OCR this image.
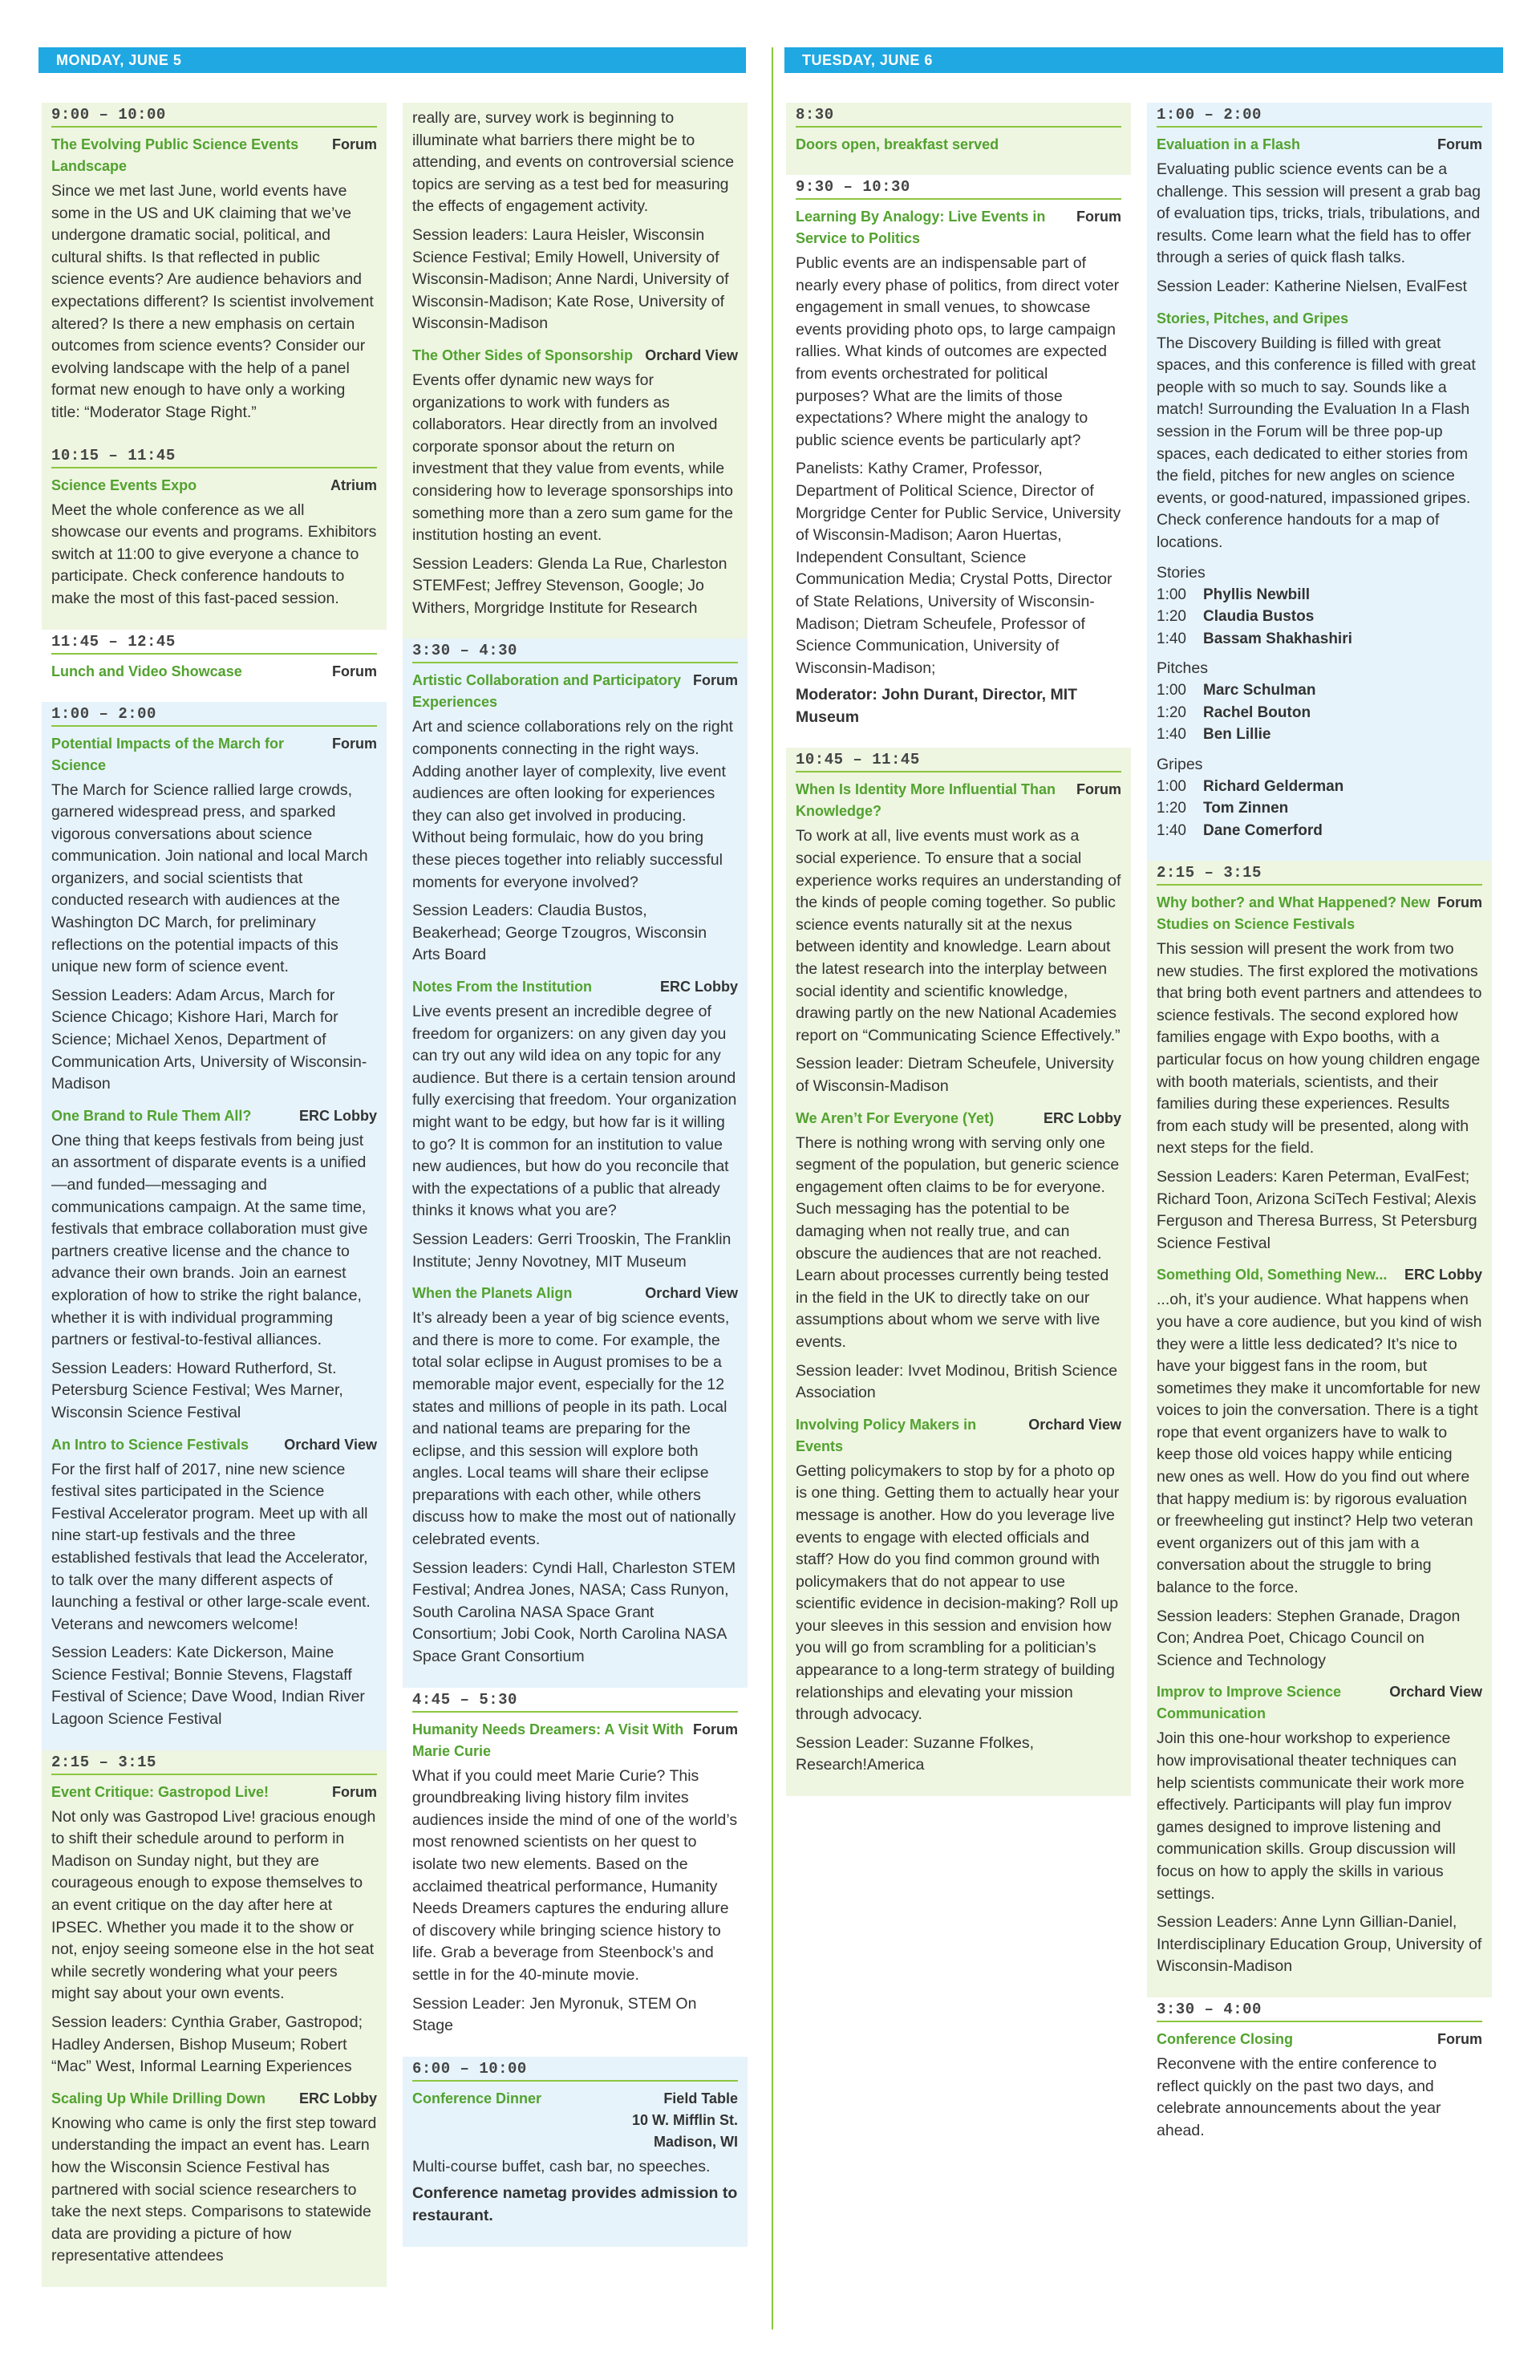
MONDAY, JUNE 5	TUESDAY, JUNE 6
9:00 – 10:00
The Evolving Public Science Events Landscape
Forum
Since we met last June, world events have some in the US and UK claiming that we’ve undergone dramatic social, political, and cultural shifts. Is that reflected in public science events? Are audience behaviors and expectations different? Is scientist involvement altered? Is there a new emphasis on certain outcomes from science events? Consider our evolving landscape with the help of a panel format new enough to have only a working title: “Moderator Stage Right.”
10:15 – 11:45
Science Events Expo	Atrium
Meet the whole conference as we all showcase our events and programs. Exhibitors switch at 11:00 to give everyone a chance to participate. Check conference handouts to make the most of this fast-paced session.
11:45 – 12:45
Lunch and Video Showcase	Forum
1:00 – 2:00
Potential Impacts of the March for Science
Forum
The March for Science rallied large crowds, garnered widespread press, and sparked vigorous conversations about science communication. Join national and local March organizers, and social scientists that conducted research with audiences at the Washington DC March, for preliminary reflections on the potential impacts of this unique new form of science event.
Session Leaders: Adam Arcus, March for Science Chicago; Kishore Hari, March for Science; Michael Xenos, Department of Communication Arts, University of Wisconsin-Madison
One Brand to Rule Them All?	ERC Lobby
One thing that keeps festivals from being just an assortment of disparate events is a unified—and funded—messaging and communications campaign. At the same time, festivals that embrace collaboration must give partners creative license and the chance to advance their own brands. Join an earnest exploration of how to strike the right balance, whether it is with individual programming partners or festival-to-festival alliances.
Session Leaders: Howard Rutherford, St. Petersburg Science Festival; Wes Marner, Wisconsin Science Festival
An Intro to Science Festivals Orchard View
For the first half of 2017, nine new science festival sites participated in the Science Festival Accelerator program. Meet up with all nine start-up festivals and the three established festivals that lead the Accelerator, to talk over the many different aspects of launching a festival or other large-scale event. Veterans and newcomers welcome!
Session Leaders: Kate Dickerson, Maine Science Festival; Bonnie Stevens, Flagstaff Festival of Science; Dave Wood, Indian River Lagoon Science Festival
2:15 – 3:15
Event Critique: Gastropod Live!	Forum
Not only was Gastropod Live! gracious enough to shift their schedule around to perform in Madison on Sunday night, but they are courageous enough to expose themselves to an event critique on the day after here at IPSEC. Whether you made it to the show or not, enjoy seeing someone else in the hot seat while secretly wondering what your peers might say about your own events.
Session leaders: Cynthia Graber, Gastropod; Hadley Andersen, Bishop Museum; Robert “Mac” West, Informal Learning Experiences
Scaling Up While Drilling Down ERC Lobby
Knowing who came is only the first step toward understanding the impact an event has. Learn how the Wisconsin Science Festival has partnered with social science researchers to take the next steps. Comparisons to statewide data are providing a picture of how representative attendees
really are, survey work is beginning to illuminate what barriers there might be to attending, and events on controversial science topics are serving as a test bed for measuring the effects of engagement activity.
Session leaders: Laura Heisler, Wisconsin Science Festival; Emily Howell, University of Wisconsin-Madison; Anne Nardi, University of Wisconsin-Madison; Kate Rose, University of Wisconsin-Madison
The Other Sides of Sponsorship Orchard View
Events offer dynamic new ways for organizations to work with funders as collaborators. Hear directly from an involved corporate sponsor about the return on investment that they value from events, while considering how to leverage sponsorships into something more than a zero sum game for the institution hosting an event.
Session Leaders: Glenda La Rue, Charleston STEMFest; Jeffrey Stevenson, Google; Jo Withers, Morgridge Institute for Research
3:30 – 4:30
Artistic Collaboration and Participatory Experiences
Forum
Art and science collaborations rely on the right components connecting in the right ways. Adding another layer of complexity, live event audiences are often looking for experiences they can also get involved in producing. Without being formulaic, how do you bring these pieces together into reliably successful moments for everyone involved?
Session Leaders: Claudia Bustos, Beakerhead; George Tzougros, Wisconsin Arts Board
Notes From the Institution	ERC Lobby
Live events present an incredible degree of freedom for organizers: on any given day you can try out any wild idea on any topic for any audience. But there is a certain tension around fully exercising that freedom. Your organization might want to be edgy, but how far is it willing to go? It is common for an institution to value new audiences, but how do you reconcile that with the expectations of a public that already thinks it knows what you are?
Session Leaders: Gerri Trooskin, The Franklin Institute; Jenny Novotney, MIT Museum
When the Planets Align	Orchard View
It’s already been a year of big science events, and there is more to come. For example, the total solar eclipse in August promises to be a memorable major event, especially for the 12 states and millions of people in its path. Local and national teams are preparing for the eclipse, and this session will explore both angles. Local teams will share their eclipse preparations with each other, while others discuss how to make the most out of nationally celebrated events.
Session leaders: Cyndi Hall, Charleston STEM Festival; Andrea Jones, NASA; Cass Runyon, South Carolina NASA Space Grant Consortium; Jobi Cook, North Carolina NASA Space Grant Consortium
4:45 – 5:30
Humanity Needs Dreamers: A Visit With Marie Curie
Forum
What if you could meet Marie Curie? This groundbreaking living history film invites audiences inside the mind of one of the world’s most renowned scientists on her quest to isolate two new elements. Based on the acclaimed theatrical performance, Humanity Needs Dreamers captures the enduring allure of discovery while bringing science history to life. Grab a beverage from Steenbock’s and settle in for the 40-minute movie.
Session Leader: Jen Myronuk, STEM On Stage
6:00 – 10:00
Conference Dinner	Field Table
10 W. Mifflin St.
Madison, WI
Multi-course buffet, cash bar, no speeches.
Conference nametag provides admission to restaurant.
8:30
Doors open, breakfast served
9:30 – 10:30
Learning By Analogy: Live Events in Service to Politics
Forum
Public events are an indispensable part of nearly every phase of politics, from direct voter engagement in small venues, to showcase events providing photo ops, to large campaign rallies. What kinds of outcomes are expected from events orchestrated for political purposes? What are the limits of those expectations? Where might the analogy to public science events be particularly apt?
Panelists: Kathy Cramer, Professor, Department of Political Science, Director of Morgridge Center for Public Service, University of Wisconsin-Madison; Aaron Huertas, Independent Consultant, Science Communication Media; Crystal Potts, Director of State Relations, University of Wisconsin-Madison; Dietram Scheufele, Professor of Science Communication, University of Wisconsin-Madison;
Moderator: John Durant, Director, MIT Museum
10:45 – 11:45
When Is Identity More Influential Than Knowledge?
Forum
To work at all, live events must work as a social experience. To ensure that a social experience works requires an understanding of the kinds of people coming together. So public science events naturally sit at the nexus between identity and knowledge. Learn about the latest research into the interplay between social identity and scientific knowledge, drawing partly on the new National Academies report on “Communicating Science Effectively.”
Session leader: Dietram Scheufele, University of Wisconsin-Madison
We Aren’t For Everyone (Yet)	ERC Lobby
There is nothing wrong with serving only one segment of the population, but generic science engagement often claims to be for everyone. Such messaging has the potential to be damaging when not really true, and can obscure the audiences that are not reached. Learn about processes currently being tested in the field in the UK to directly take on our assumptions about whom we serve with live events.
Session leader: Ivvet Modinou, British Science Association
Involving Policy Makers in Events
Orchard View
Getting policymakers to stop by for a photo op is one thing. Getting them to actually hear your message is another. How do you leverage live events to engage with elected officials and staff? How do you find common ground with policymakers that do not appear to use scientific evidence in decision-making? Roll up your sleeves in this session and envision how you will go from scrambling for a politician’s appearance to a long-term strategy of building relationships and elevating your mission through advocacy.
Session Leader: Suzanne Ffolkes, Research!America
1:00 – 2:00
Evaluation in a Flash	Forum
Evaluating public science events can be a challenge. This session will present a grab bag of evaluation tips, tricks, trials, tribulations, and results. Come learn what the field has to offer through a series of quick flash talks.
Session Leader: Katherine Nielsen, EvalFest
Stories, Pitches, and Gripes
The Discovery Building is filled with great spaces, and this conference is filled with great people with so much to say. Sounds like a match! Surrounding the Evaluation In a Flash session in the Forum will be three pop-up spaces, each dedicated to either stories from the field, pitches for new angles on science events, or good-natured, impassioned gripes. Check conference handouts for a map of locations.
Stories
1:00 Phyllis Newbill
1:20 Claudia Bustos
1:40 Bassam Shakhashiri
Pitches
1:00 Marc Schulman
1:20 Rachel Bouton
1:40 Ben Lillie
Gripes
1:00 Richard Gelderman
1:20 Tom Zinnen
1:40 Dane Comerford
2:15 – 3:15
Why bother? and What Happened? New Studies on Science Festivals
Forum
This session will present the work from two new studies. The first explored the motivations that bring both event partners and attendees to science festivals. The second explored how families engage with Expo booths, with a particular focus on how young children engage with booth materials, scientists, and their families during these experiences. Results from each study will be presented, along with next steps for the field.
Session Leaders: Karen Peterman, EvalFest; Richard Toon, Arizona SciTech Festival; Alexis Ferguson and Theresa Burress, St Petersburg Science Festival
Something Old, Something New... ERC Lobby
...oh, it’s your audience. What happens when you have a core audience, but you kind of wish they were a little less dedicated? It’s nice to have your biggest fans in the room, but sometimes they make it uncomfortable for new voices to join the conversation. There is a tight rope that event organizers have to walk to keep those old voices happy while enticing new ones as well. How do you find out where that happy medium is: by rigorous evaluation or freewheeling gut instinct? Help two veteran event organizers out of this jam with a conversation about the struggle to bring balance to the force.
Session leaders: Stephen Granade, Dragon Con; Andrea Poet, Chicago Council on Science and Technology
Improv to Improve Science Communication
Orchard View
Join this one-hour workshop to experience how improvisational theater techniques can help scientists communicate their work more effectively. Participants will play fun improv games designed to improve listening and communication skills. Group discussion will focus on how to apply the skills in various settings.
Session Leaders: Anne Lynn Gillian-Daniel, Interdisciplinary Education Group, University of Wisconsin-Madison
3:30 – 4:00
Conference Closing	Forum
Reconvene with the entire conference to reflect quickly on the past two days, and celebrate announcements about the year ahead.
